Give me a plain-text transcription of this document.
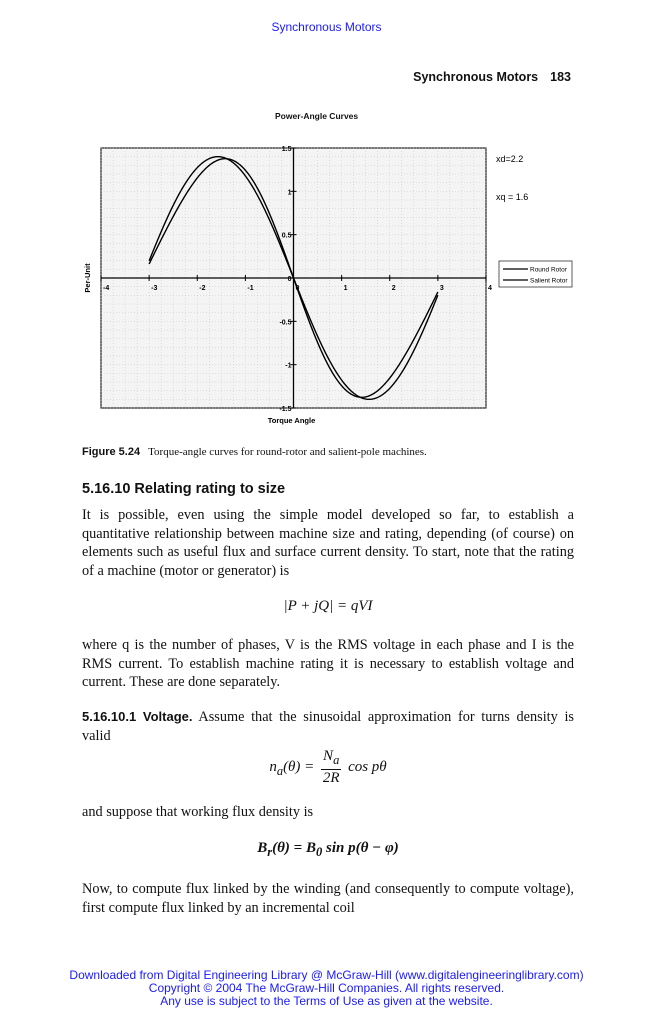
Synchronous Motors
Synchronous Motors 183
Power-Angle Curves
-4	-3	-2	-1	0	1	2	3	4
1.5
1
0.5
0
-0.5
-1
-1.5
xd=2.2
xq = 1.6
Round Rotor
Salient Rotor
Torque Angle
Per-Unit
Figure 5.24 Torque-angle curves for round-rotor and salient-pole machines.
5.16.10 Relating rating to size
It is possible, even using the simple model developed so far, to establish a quantitative relationship between machine size and rating, depending (of course) on elements such as useful flux and surface current density. To start, note that the rating of a machine (motor or generator) is
|P + jQ| = qVI
where q is the number of phases, V is the RMS voltage in each phase and I is the RMS current. To establish machine rating it is necessary to establish voltage and current. These are done separately.
5.16.10.1 Voltage. Assume that the sinusoidal approximation for turns density is valid
$n_a(\theta) = \frac{N_a}{2R}$ cos pθ
and suppose that working flux density is
$B_r(\theta) = B_0$ sin p(θ − φ)
Now, to compute flux linked by the winding (and consequently to compute voltage), first compute flux linked by an incremental coil
Downloaded from Digital Engineering Library @ McGraw-Hill (www.digitalengineeringlibrary.com)
Copyright © 2004 The McGraw-Hill Companies. All rights reserved.
Any use is subject to the Terms of Use as given at the website.
